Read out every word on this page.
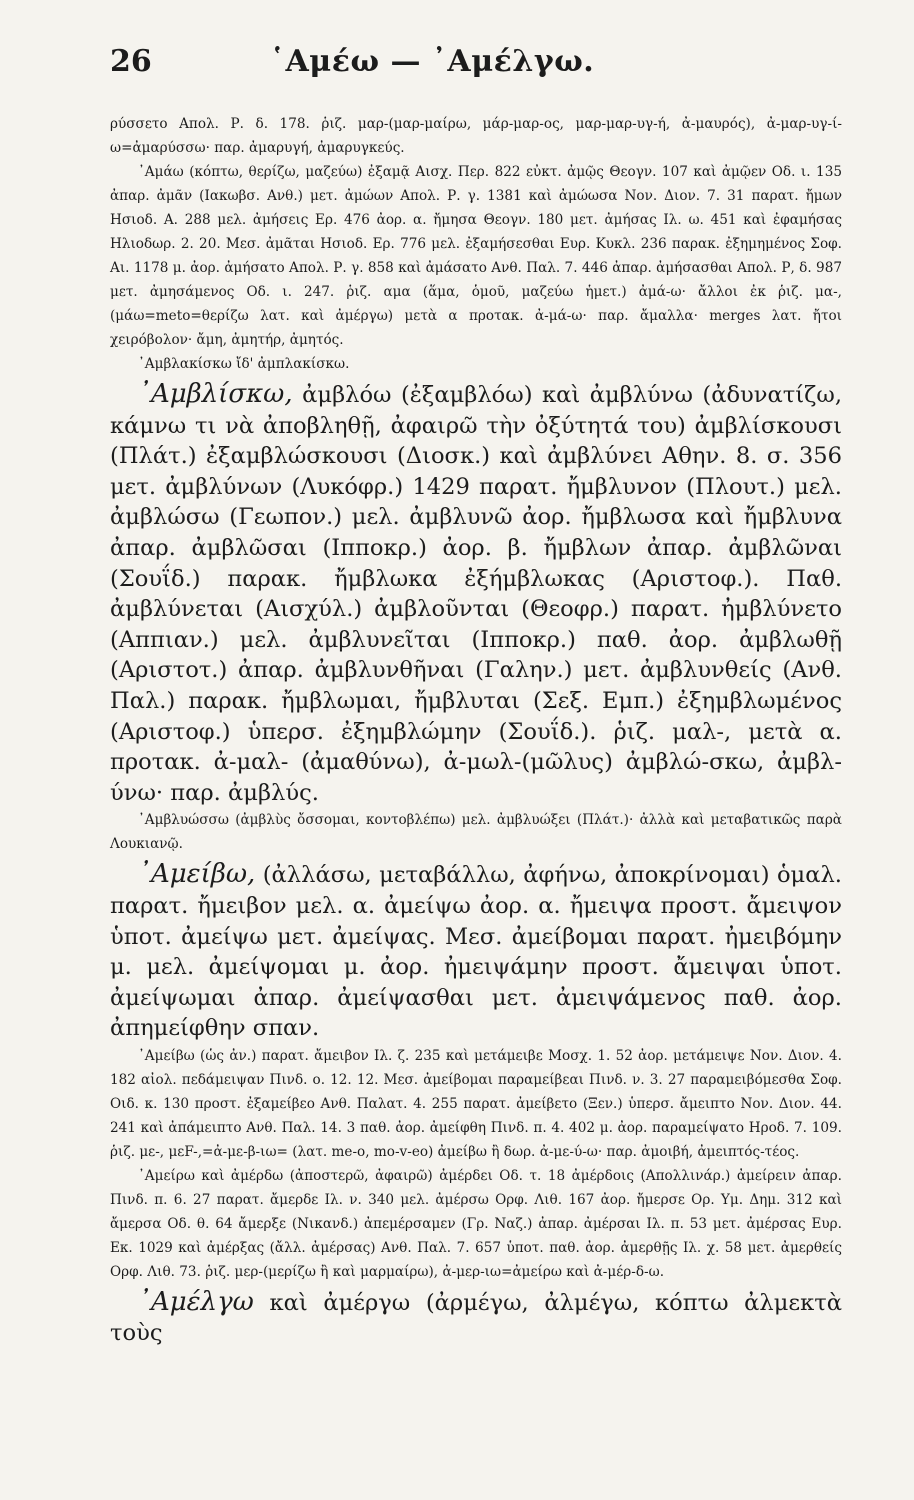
26	῾Αμέω — ᾿Αμέλγω.

ρύσσετο Απολ. Ρ. δ. 178. ῥιζ. μαρ-(μαρ-μαίρω, μάρ-μαρ-ος, μαρ-μαρ-υγ-ή, ἀ-μαυρός), ἀ-μαρ-υγ-ί-ω=ἀμαρύσσω· παρ. ἀμαρυγή, ἀμαρυγκεύς.

᾿Αμάω (κόπτω, θερίζω, μαζεύω) ἐξαμᾷ Αισχ. Περ. 822 εὐκτ. ἀμῷς Θεογν. 107 καὶ ἀμῷεν Οδ. ι. 135 ἀπαρ. ἀμᾶν (Ιακωβσ. Ανθ.) μετ. ἀμώων Απολ. Ρ. γ. 1381 καὶ ἀμώωσα Νον. Διον. 7. 31 παρατ. ἤμων Ησιοδ. Α. 288 μελ. ἀμήσεις Ερ. 476 ἀορ. α. ἤμησα Θεογν. 180 μετ. ἀμήσας Ιλ. ω. 451 καὶ ἐφαμήσας Ηλιοδωρ. 2. 20. Μεσ. ἀμᾶται Ησιοδ. Ερ. 776 μελ. ἐξαμήσεσθαι Ευρ. Κυκλ. 236 παρακ. ἐξημημένος Σοφ. Αι. 1178 μ. ἀορ. ἀμήσατο Απολ. Ρ. γ. 858 καὶ ἀμάσατο Ανθ. Παλ. 7. 446 ἀπαρ. ἀμήσασθαι Απολ. Ρ, δ. 987 μετ. ἀμησάμενος Οδ. ι. 247. ῥιζ. αμα (ἅμα, ὁμοῦ, μαζεύω ἡμετ.) ἀμά-ω· ἄλλοι ἐκ ῥιζ. μα-, (μάω=meto=θερίζω λατ. καὶ ἀμέργω) μετὰ α προτακ. ἀ-μά-ω· παρ. ἄμαλλα· merges λατ. ἤτοι χειρόβολον· ἄμη, ἀμητήρ, ἀμητός.

᾿Αμβλακίσκω ἴδ' ἀμπλακίσκω.

᾿Αμβλίσκω, ἀμβλόω (ἐξαμβλόω) καὶ ἀμβλύνω (ἀδυνατίζω, κάμνω τι νὰ ἀποβληθῇ, ἀφαιρῶ τὴν ὀξύτητά του) ἀμβλίσκουσι (Πλάτ.) ἐξαμβλώσκουσι (Διοσκ.) καὶ ἀμβλύνει Αθην. 8. σ. 356 μετ. ἀμβλύνων (Λυκόφρ.) 1429 παρατ. ἤμβλυνον (Πλουτ.) μελ. ἀμβλώσω (Γεωπον.) μελ. ἀμβλυνῶ ἀορ. ἤμβλωσα καὶ ἤμβλυνα ἀπαρ. ἀμβλῶσαι (Ιπποκρ.) ἀορ. β. ἤμβλων ἀπαρ. ἀμβλῶναι (Σουΐδ.) παρακ. ἤμβλωκα ἐξήμβλωκας (Αριστοφ.). Παθ. ἀμβλύνεται (Αισχύλ.) ἀμβλοῦνται (Θεοφρ.) παρατ. ἠμβλύνετο (Αππιαν.) μελ. ἀμβλυνεῖται (Ιπποκρ.) παθ. ἀορ. ἀμβλωθῇ (Αριστοτ.) ἀπαρ. ἀμβλυνθῆναι (Γαλην.) μετ. ἀμβλυνθείς (Ανθ. Παλ.) παρακ. ἤμβλωμαι, ἤμβλυται (Σεξ. Εμπ.) ἐξημβλωμένος (Αριστοφ.) ὑπερσ. ἐξημβλώμην (Σουΐδ.). ῥιζ. μαλ-, μετὰ α. προτακ. ἀ-μαλ- (ἀμαθύνω), ἀ-μωλ-(μῶλυς) ἀμβλώ-σκω, ἀμβλ-ύνω· παρ. ἀμβλύς.

᾿Αμβλυώσσω (ἀμβλὺς ὄσσομαι, κοντοβλέπω) μελ. ἀμβλυώξει (Πλάτ.)· ἀλλὰ καὶ μεταβατικῶς παρὰ Λουκιανῷ.

᾿Αμείβω, (ἀλλάσω, μεταβάλλω, ἀφήνω, ἀποκρίνομαι) ὁμαλ. παρατ. ἤμειβον μελ. α. ἀμείψω ἀορ. α. ἤμειψα προστ. ἄμειψον ὑποτ. ἀμείψω μετ. ἀμείψας. Μεσ. ἀμείβομαι παρατ. ἠμειβόμην μ. μελ. ἀμείψομαι μ. ἀορ. ἠμειψάμην προστ. ἄμειψαι ὑποτ. ἀμείψωμαι ἀπαρ. ἀμείψασθαι μετ. ἀμειψάμενος παθ. ἀορ. ἀπημείφθην σπαν.

᾿Αμείβω (ὡς ἀν.) παρατ. ἄμειβον Ιλ. ζ. 235 καὶ μετάμειβε Μοσχ. 1. 52 ἀορ. μετάμειψε Νον. Διον. 4. 182 αἰολ. πεδάμειψαν Πινδ. ο. 12. 12. Μεσ. ἀμείβομαι παραμείβεαι Πινδ. ν. 3. 27 παραμειβόμεσθα Σοφ. Οιδ. κ. 130 προστ. ἐξαμείβεο Ανθ. Παλατ. 4. 255 παρατ. ἀμείβετο (Ξεν.) ὑπερσ. ἄμειπτο Νον. Διον. 44. 241 καὶ ἀπάμειπτο Ανθ. Παλ. 14. 3 παθ. ἀορ. ἀμείφθη Πινδ. π. 4. 402 μ. ἀορ. παραμείψατο Ηροδ. 7. 109. ῥιζ. με-, μεF-,=ἀ-με-β-ιω= (λατ. me-o, mo-v-eo) ἀμείβω ἢ δωρ. ἀ-με-ύ-ω· παρ. ἀμοιβή, ἀμειπτός-τέος.

᾿Αμείρω καὶ ἀμέρδω (ἀποστερῶ, ἀφαιρῶ) ἀμέρδει Οδ. τ. 18 ἀμέρδοις (Απολλινάρ.) ἀμείρειν ἀπαρ. Πινδ. π. 6. 27 παρατ. ἄμερδε Ιλ. ν. 340 μελ. ἀμέρσω Ορφ. Λιθ. 167 ἀορ. ἤμερσε Ορ. Υμ. Δημ. 312 καὶ ἄμερσα Οδ. θ. 64 ἄμερξε (Νικανδ.) ἀπεμέρσαμεν (Γρ. Ναζ.) ἀπαρ. ἀμέρσαι Ιλ. π. 53 μετ. ἀμέρσας Ευρ. Εκ. 1029 καὶ ἀμέρξας (ἄλλ. ἀμέρσας) Ανθ. Παλ. 7. 657 ὑποτ. παθ. ἀορ. ἀμερθῇς Ιλ. χ. 58 μετ. ἀμερθείς Ορφ. Λιθ. 73. ῥιζ. μερ-(μερίζω ἢ καὶ μαρμαίρω), ἀ-μερ-ιω=ἀμείρω καὶ ἀ-μέρ-δ-ω.

᾿Αμέλγω καὶ ἀμέργω (ἀρμέγω, ἀλμέγω, κόπτω ἀλμεκτὰ τοὺς
